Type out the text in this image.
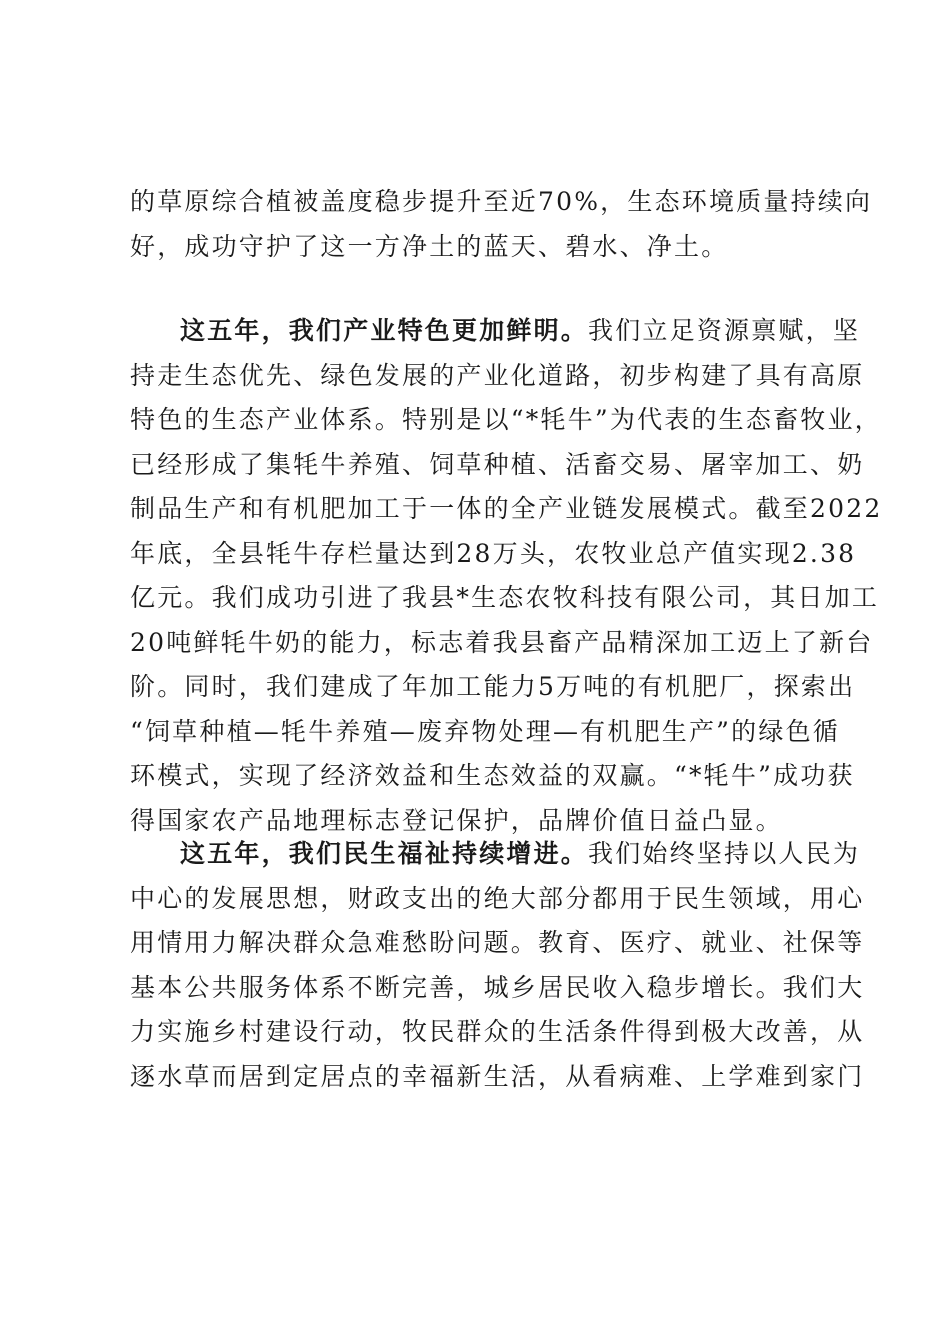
的草原综合植被盖度稳步提升至近70%，生态环境质量持续向
好，成功守护了这一方净土的蓝天、碧水、净土。
这五年，我们产业特色更加鲜明。我们立足资源禀赋，坚
持走生态优先、绿色发展的产业化道路，初步构建了具有高原
特色的生态产业体系。特别是以“*牦牛”为代表的生态畜牧业，
已经形成了集牦牛养殖、饲草种植、活畜交易、屠宰加工、奶
制品生产和有机肥加工于一体的全产业链发展模式。截至2022
年底，全县牦牛存栏量达到28万头，农牧业总产值实现2.38
亿元。我们成功引进了我县*生态农牧科技有限公司，其日加工
20吨鲜牦牛奶的能力，标志着我县畜产品精深加工迈上了新台
阶。同时，我们建成了年加工能力5万吨的有机肥厂，探索出
“饲草种植—牦牛养殖—废弃物处理—有机肥生产”的绿色循
环模式，实现了经济效益和生态效益的双赢。“*牦牛”成功获
得国家农产品地理标志登记保护，品牌价值日益凸显。
这五年，我们民生福祉持续增进。我们始终坚持以人民为
中心的发展思想，财政支出的绝大部分都用于民生领域，用心
用情用力解决群众急难愁盼问题。教育、医疗、就业、社保等
基本公共服务体系不断完善，城乡居民收入稳步增长。我们大
力实施乡村建设行动，牧民群众的生活条件得到极大改善，从
逐水草而居到定居点的幸福新生活，从看病难、上学难到家门
